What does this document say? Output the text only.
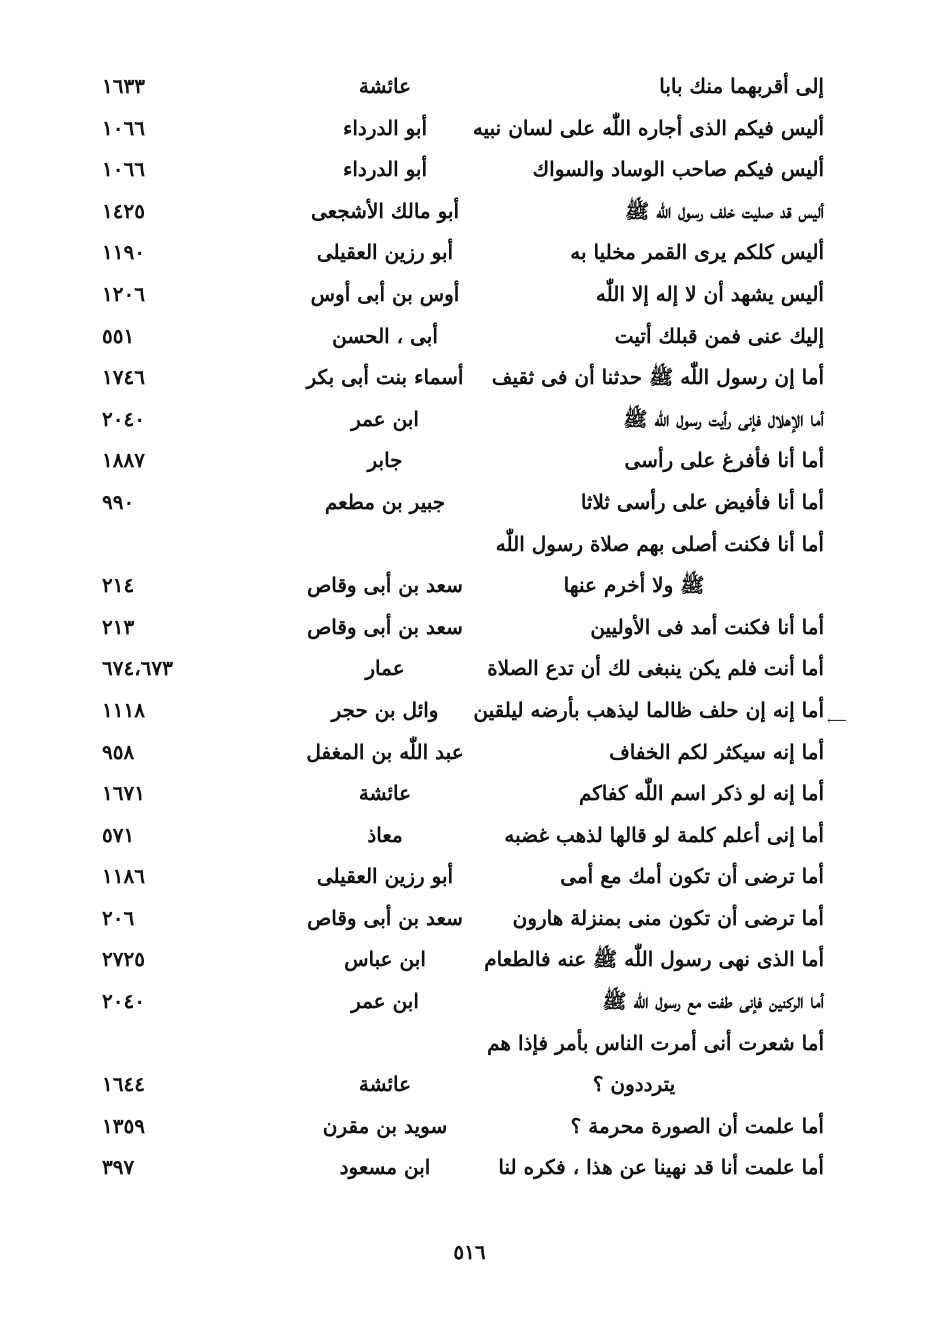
إلى أقربهما منك بابا
عائشة
١٦٣٣
أليس فيكم الذى أجاره اللّٰه على لسان نبيه
أبو الدرداء
١٠٦٦
أليس فيكم صاحب الوساد والسواك
أبو الدرداء
١٠٦٦
أليس قد صليت خلف رسول اللّٰه ﷺ
أبو مالك الأشجعى
١٤٢٥
أليس كلكم يرى القمر مخليا به
أبو رزين العقيلى
١١٩٠
أليس يشهد أن لا إله إلا اللّٰه
أوس بن أبى أوس
١٢٠٦
إليك عنى فمن قبلك أتيت
أبى ، الحسن
٥٥١
أما إن رسول اللّٰه ﷺ حدثنا أن فى ثقيف
أسماء بنت أبى بكر
١٧٤٦
أما الإهلال فإنى رأيت رسول اللّٰه ﷺ
ابن عمر
٢٠٤٠
أما أنا فأفرغ على رأسى
جابر
١٨٨٧
أما أنا فأفيض على رأسى ثلاثا
جبير بن مطعم
٩٩٠
أما أنا فكنت أصلى بهم صلاة رسول اللّٰه
ﷺ ولا أخرم عنها
سعد بن أبى وقاص
٢١٤
أما أنا فكنت أمد فى الأوليين
سعد بن أبى وقاص
٢١٣
أما أنت فلم يكن ينبغى لك أن تدع الصلاة
عمار
٦٧٤،٦٧٣
أما إنه إن حلف ظالما ليذهب بأرضه ليلقين
وائل بن حجر
١١١٨
أما إنه سيكثر لكم الخفاف
عبد اللّٰه بن المغفل
٩٥٨
أما إنه لو ذكر اسم اللّٰه كفاكم
عائشة
١٦٧١
أما إنى أعلم كلمة لو قالها لذهب غضبه
معاذ
٥٧١
أما ترضى أن تكون أمك مع أمى
أبو رزين العقيلى
١١٨٦
أما ترضى أن تكون منى بمنزلة هارون
سعد بن أبى وقاص
٢٠٦
أما الذى نهى رسول اللّٰه ﷺ عنه فالطعام
ابن عباس
٢٧٢٥
أما الركنين فإنى طفت مع رسول اللّٰه ﷺ
ابن عمر
٢٠٤٠
أما شعرت أنى أمرت الناس بأمر فإذا هم
يترددون ؟
عائشة
١٦٤٤
أما علمت أن الصورة محرمة ؟
سويد بن مقرن
١٣٥٩
أما علمت أنا قد نهينا عن هذا ، فكره لنا
ابن مسعود
٣٩٧
⟵
٥١٦
